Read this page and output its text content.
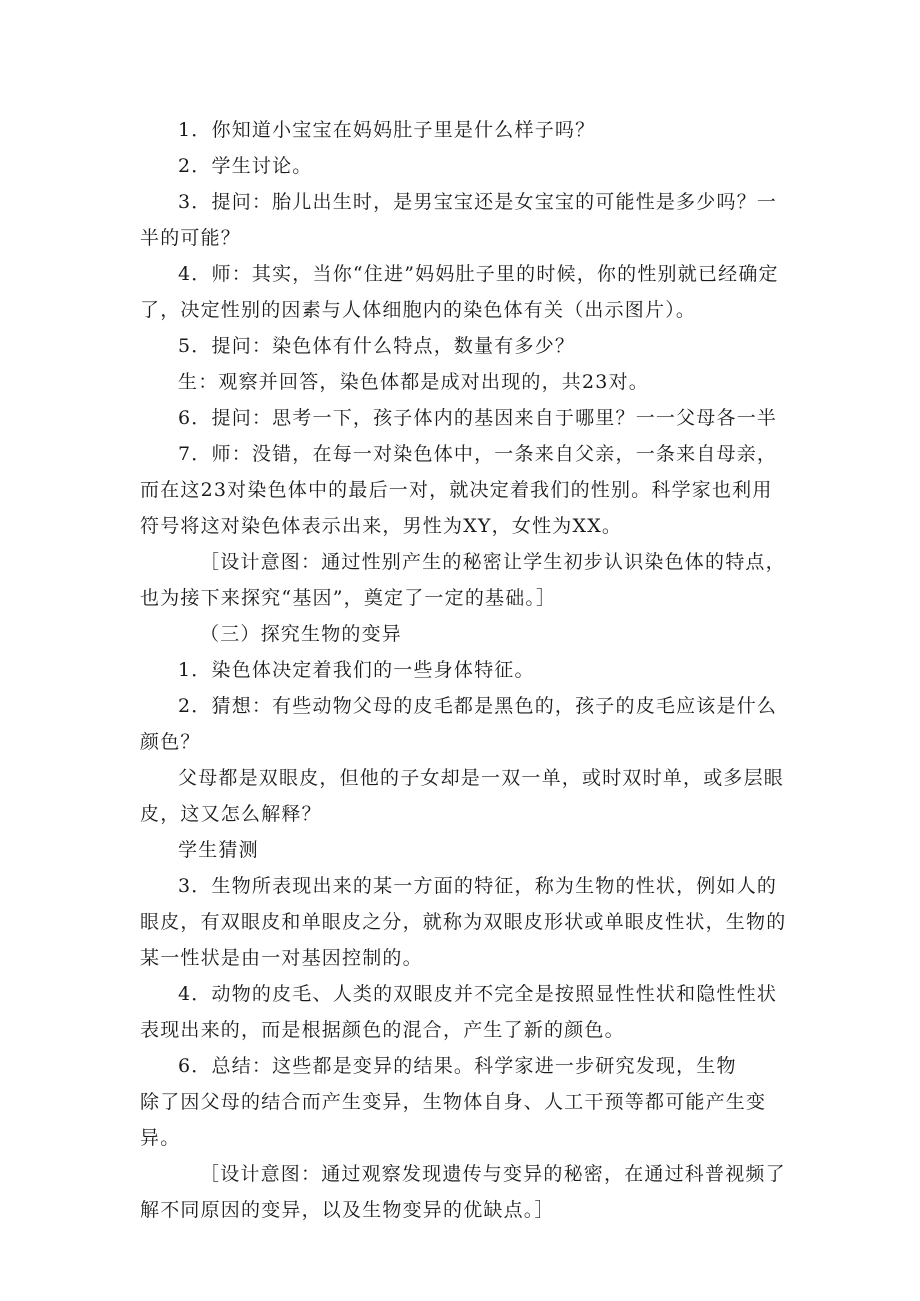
1．你知道小宝宝在妈妈肚子里是什么样子吗？

2．学生讨论。

3．提问：胎儿出生时，是男宝宝还是女宝宝的可能性是多少吗？一半的可能？

4．师：其实，当你“住进”妈妈肚子里的时候，你的性别就已经确定了，决定性别的因素与人体细胞内的染色体有关（出示图片）。

5．提问：染色体有什么特点，数量有多少？

生：观察并回答，染色体都是成对出现的，共23对。

6．提问：思考一下，孩子体内的基因来自于哪里？一一父母各一半

7．师：没错，在每一对染色体中，一条来自父亲，一条来自母亲，而在这23对染色体中的最后一对，就决定着我们的性别。科学家也利用符号将这对染色体表示出来，男性为XY，女性为XX。

［设计意图：通过性别产生的秘密让学生初步认识染色体的特点，也为接下来探究“基因”，奠定了一定的基础。］

（三）探究生物的变异

1．染色体决定着我们的一些身体特征。

2．猜想：有些动物父母的皮毛都是黑色的，孩子的皮毛应该是什么颜色？

父母都是双眼皮，但他的子女却是一双一单，或时双时单，或多层眼皮，这又怎么解释？

学生猜测

3．生物所表现出来的某一方面的特征，称为生物的性状，例如人的眼皮，有双眼皮和单眼皮之分，就称为双眼皮形状或单眼皮性状，生物的某一性状是由一对基因控制的。

4．动物的皮毛、人类的双眼皮并不完全是按照显性性状和隐性性状表现出来的，而是根据颜色的混合，产生了新的颜色。

6．总结：这些都是变异的结果。科学家进一步研究发现，生物

除了因父母的结合而产生变异，生物体自身、人工干预等都可能产生变异。

［设计意图：通过观察发现遗传与变异的秘密，在通过科普视频了解不同原因的变异，以及生物变异的优缺点。］
